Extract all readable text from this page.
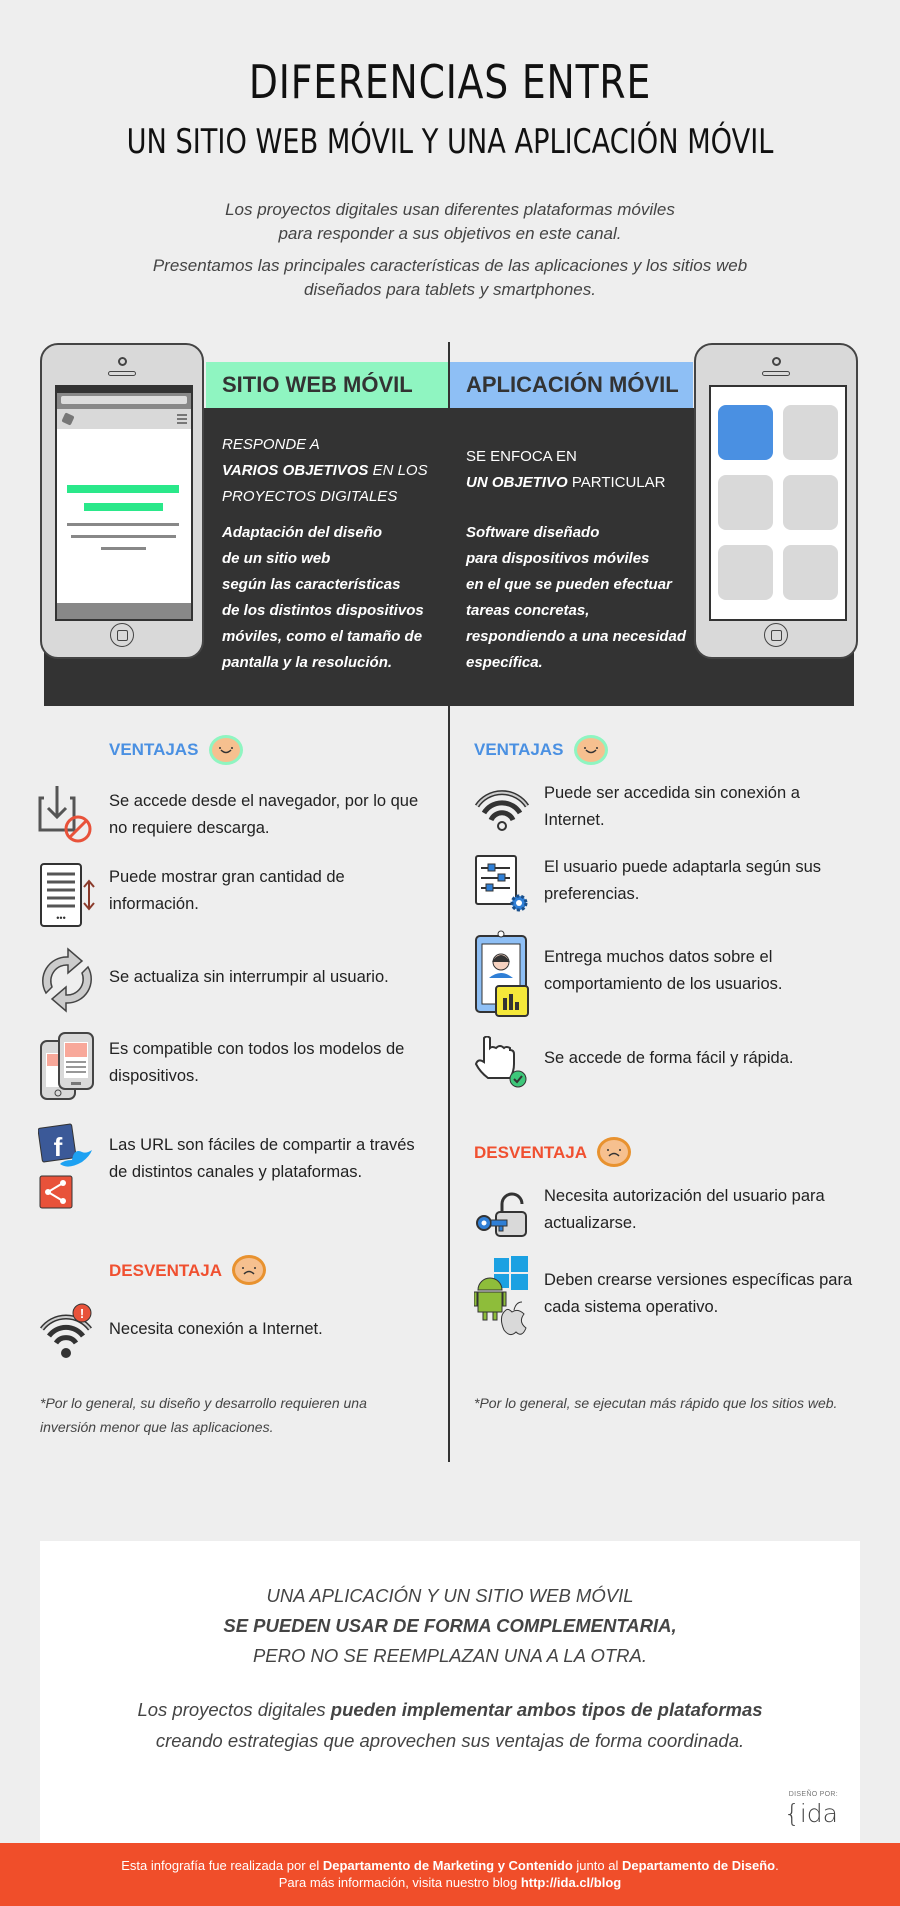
DIFERENCIAS ENTRE
UN SITIO WEB MÓVIL Y UNA APLICACIÓN MÓVIL
Los proyectos digitales usan diferentes plataformas móviles
para responder a sus objetivos en este canal.
Presentamos las principales características de las aplicaciones y los sitios web
diseñados para tablets y smartphones.
SITIO WEB MÓVIL	APLICACIÓN MÓVIL
RESPONDE A
VARIOS OBJETIVOS EN LOS
PROYECTOS DIGITALES
Adaptación del diseño
de un sitio web
según las características
de los distintos dispositivos
móviles, como el tamaño de
pantalla y la resolución.
SE ENFOCA EN
UN OBJETIVO PARTICULAR
Software diseñado
para dispositivos móviles
en el que se pueden efectuar
tareas concretas,
respondiendo a una necesidad
específica.
VENTAJAS
Se accede desde el navegador, por lo que
no requiere descarga.
•••
Puede mostrar gran cantidad de
información.
Se actualiza sin interrumpir al usuario.
Es compatible con todos los modelos de
dispositivos.
f	Las URL son fáciles de compartir a través
de distintos canales y plataformas.
DESVENTAJA
!
Necesita conexión a Internet.
*Por lo general, su diseño y desarrollo requieren una
inversión menor que las aplicaciones.
VENTAJAS
Puede ser accedida sin conexión a
Internet.
El usuario puede adaptarla según sus
preferencias.
Entrega muchos datos sobre el
comportamiento de los usuarios.
Se accede de forma fácil y rápida.
DESVENTAJA
Necesita autorización del usuario para
actualizarse.
Deben crearse versiones específicas para
cada sistema operativo.
*Por lo general, se ejecutan más rápido que los sitios web.
UNA APLICACIÓN Y UN SITIO WEB MÓVIL
SE PUEDEN USAR DE FORMA COMPLEMENTARIA,
PERO NO SE REEMPLAZAN UNA A LA OTRA.
Los proyectos digitales pueden implementar ambos tipos de plataformas
creando estrategias que aprovechen sus ventajas de forma coordinada.
DISEÑO POR:
{ida
Esta infografía fue realizada por el Departamento de Marketing y Contenido junto al Departamento de Diseño.
Para más información, visita nuestro blog http://ida.cl/blog
